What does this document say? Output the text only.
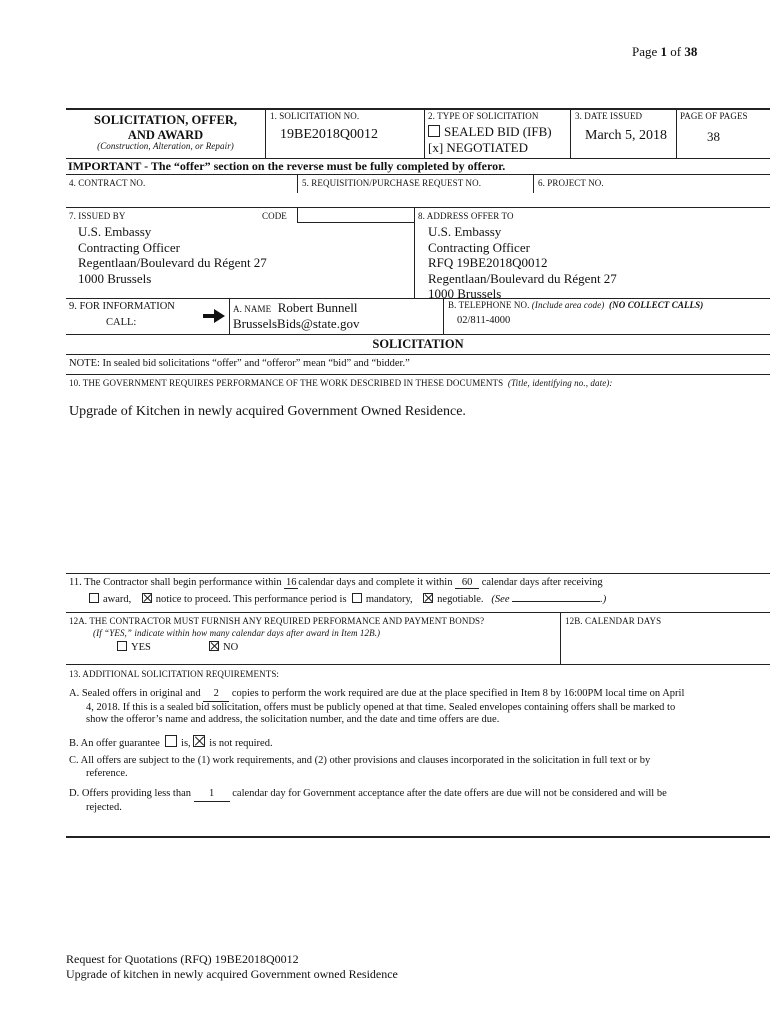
Page 1 of 38
SOLICITATION, OFFER,
AND AWARD
(Construction, Alteration, or Repair)
1. SOLICITATION NO.
19BE2018Q0012
2. TYPE OF SOLICITATION
SEALED BID (IFB)
[x] NEGOTIATED
3. DATE ISSUED
March 5, 2018
PAGE OF PAGES
38
IMPORTANT - The “offer” section on the reverse must be fully completed by offeror.
4. CONTRACT NO.	5. REQUISITION/PURCHASE REQUEST NO.	6. PROJECT NO.
7. ISSUED BY	CODE
U.S. Embassy
Contracting Officer
Regentlaan/Boulevard du Régent 27
1000 Brussels
8. ADDRESS OFFER TO
U.S. Embassy
Contracting Officer
RFQ 19BE2018Q0012
Regentlaan/Boulevard du Régent 27
1000 Brussels
9. FOR INFORMATION
CALL:
A. NAME Robert Bunnell
BrusselsBids@state.gov
B. TELEPHONE NO. (Include area code) (NO COLLECT CALLS)
02/811-4000
SOLICITATION
NOTE: In sealed bid solicitations “offer” and “offeror” mean “bid” and “bidder.”
10. THE GOVERNMENT REQUIRES PERFORMANCE OF THE WORK DESCRIBED IN THESE DOCUMENTS (Title, identifying no., date):
Upgrade of Kitchen in newly acquired Government Owned Residence.
11. The Contractor shall begin performance within 16 calendar days and complete it within 60 calendar days after receiving
award, notice to proceed. This performance period is mandatory, negotiable. (See	.)
12A. THE CONTRACTOR MUST FURNISH ANY REQUIRED PERFORMANCE AND PAYMENT BONDS?
(If “YES,” indicate within how many calendar days after award in Item 12B.)
YES	NO
12B. CALENDAR DAYS
13. ADDITIONAL SOLICITATION REQUIREMENTS:
A. Sealed offers in original and 2 copies to perform the work required are due at the place specified in Item 8 by 16:00PM local time on April
4, 2018. If this is a sealed bid solicitation, offers must be publicly opened at that time. Sealed envelopes containing offers shall be marked to
show the offeror’s name and address, the solicitation number, and the date and time offers are due.
B. An offer guarantee is, is not required.
C. All offers are subject to the (1) work requirements, and (2) other provisions and clauses incorporated in the solicitation in full text or by
reference.
D. Offers providing less than 1 calendar day for Government acceptance after the date offers are due will not be considered and will be
rejected.
Request for Quotations (RFQ) 19BE2018Q0012
Upgrade of kitchen in newly acquired Government owned Residence
